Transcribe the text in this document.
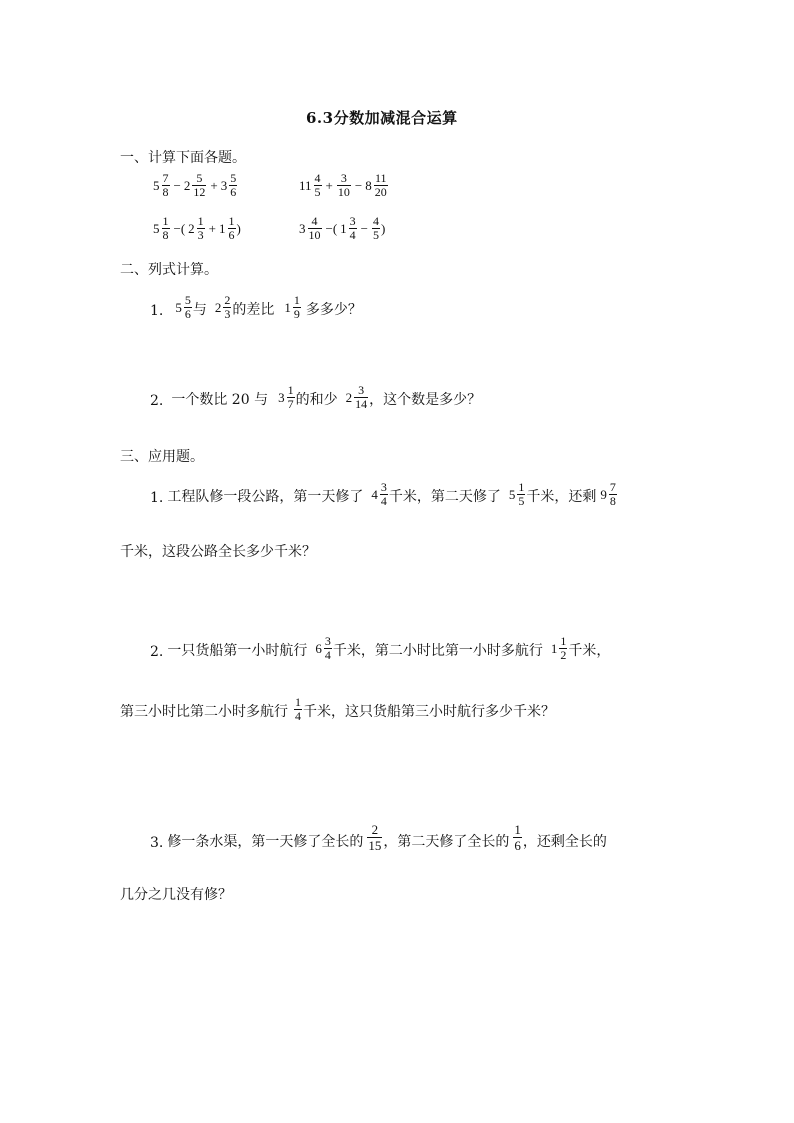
6.3分数加减混合运算
一、计算下面各题。
$5 \frac{7}{8} - 2 \frac{5}{12} + 3 \frac{5}{6}$	$11 \frac{4}{5} + \frac{3}{10} - 8 \frac{11}{20}$
$5 \frac{1}{8}$ −( $2 \frac{1}{3} + 1 \frac{1}{6}$ )	$3 \frac{4}{10}$ −( $1 \frac{3}{4} - \frac{4}{5}$ )
二、列式计算。
1. $5 \frac{5}{6}$ 与 $2 \frac{2}{3}$ 的差比 $1 \frac{1}{9}$ 多多少？
2. 一个数比 20 与 $3 \frac{1}{7}$ 的和少 $2 \frac{3}{14}$ ，这个数是多少？
三、应用题。
1. 工程队修一段公路，第一天修了 $4 \frac{3}{4}$ 千米，第二天修了 $5 \frac{1}{5}$ 千米，还剩 $9 \frac{7}{8}$
千米，这段公路全长多少千米？
2. 一只货船第一小时航行 $6 \frac{3}{4}$ 千米，第二小时比第一小时多航行 $1 \frac{1}{2}$ 千米，
第三小时比第二小时多航行 $\frac{1}{4}$ 千米，这只货船第三小时航行多少千米？
3. 修一条水渠，第一天修了全长的 $\frac{2}{15}$ ，第二天修了全长的 $\frac{1}{6}$ ，还剩全长的
几分之几没有修？
